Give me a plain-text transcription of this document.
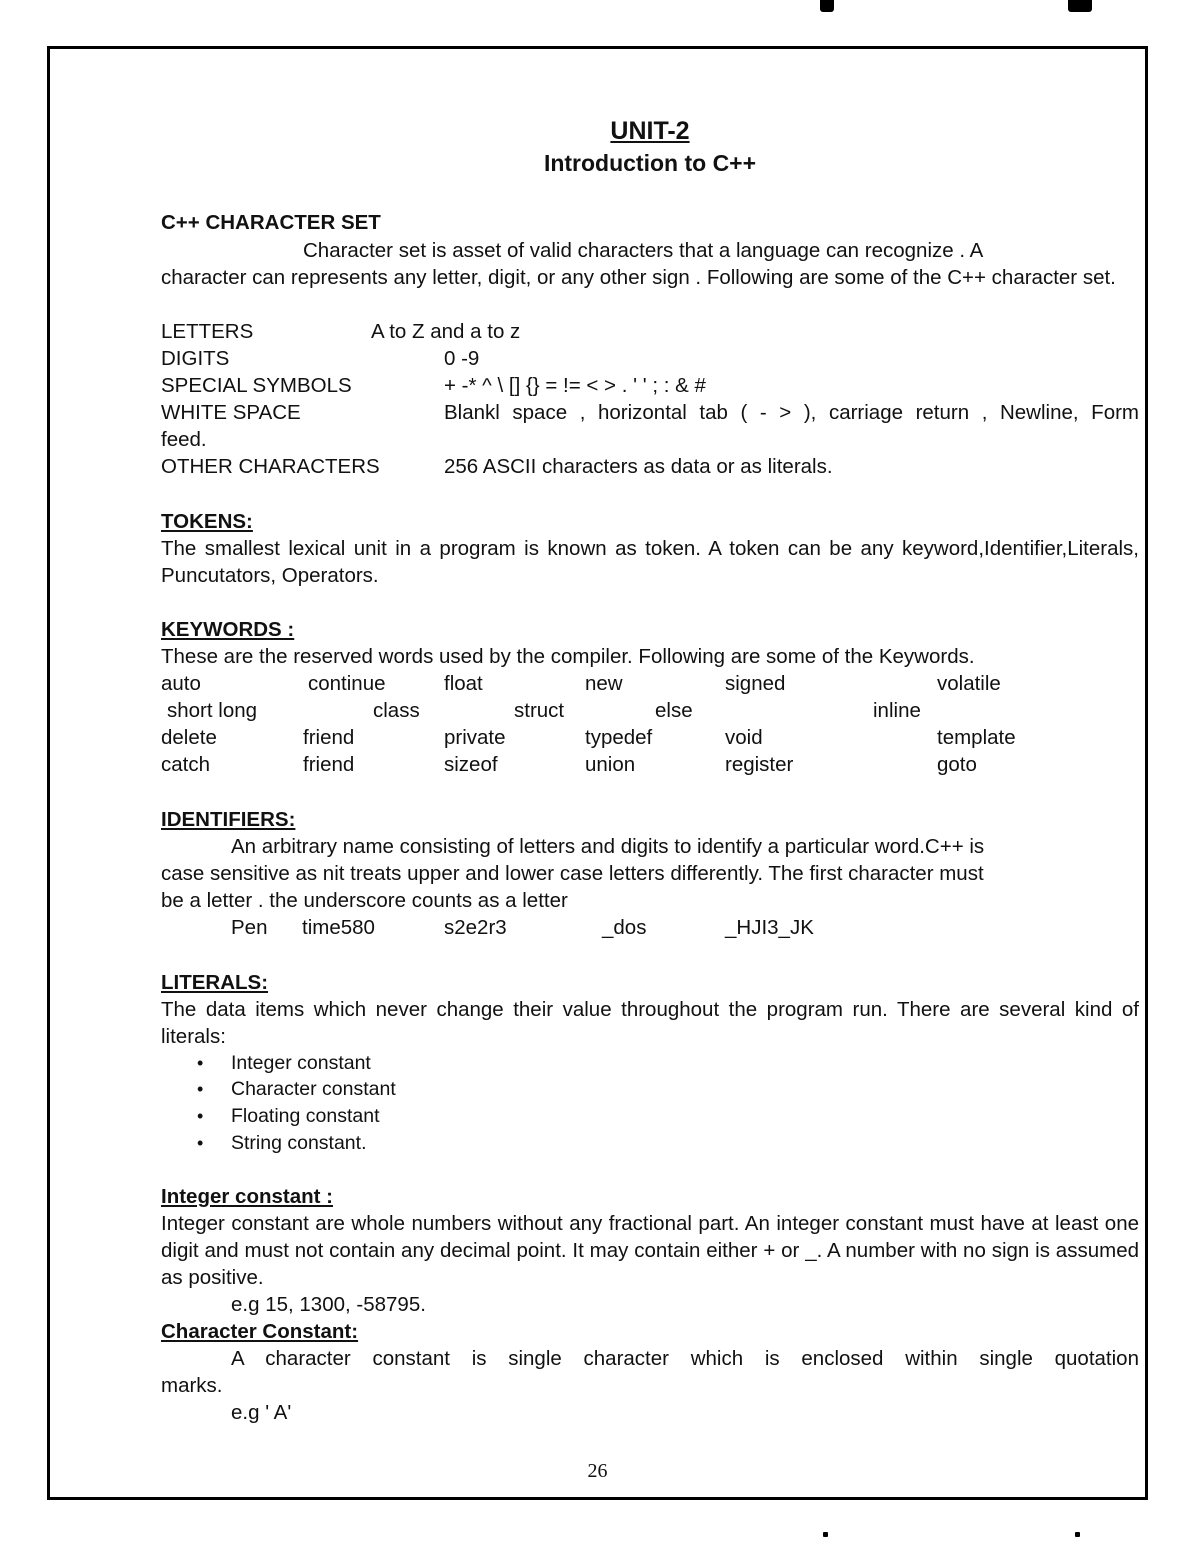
UNIT-2
Introduction to C++
C++ CHARACTER SET
Character set is asset of valid characters that a language can recognize . A
character can represents any letter, digit, or any other sign . Following are some of the C++ character set.
LETTERS	A to Z and a to z
DIGITS	0 -9
SPECIAL SYMBOLS	+ -* ^ \ [] {} = != < > . ' ' ; : & #
WHITE SPACE	Blankl space , horizontal tab ( - > ), carriage return , Newline, Form
feed.
OTHER CHARACTERS	256 ASCII characters as data or as literals.
TOKENS:
The smallest lexical unit in a program is known as token. A token can be any keyword,Identifier,Literals, Puncutators, Operators.
KEYWORDS :
These are the reserved words used by the compiler. Following are some of the Keywords.
auto	continue	float	new	signed	volatile
short long	class	struct	else	inline
delete	friend	private	typedef	void	template
catch	friend	sizeof	union	register	goto
IDENTIFIERS:
An arbitrary name consisting of letters and digits to identify a particular word.C++ is
case sensitive as nit treats upper and lower case letters differently. The first character must
be a letter . the underscore counts as a letter
Pen time580	s2e2r3	_dos	_HJI3_JK
LITERALS:
The data items which never change their value throughout the program run. There are several kind of literals:
• Integer constant
• Character constant
• Floating constant
• String constant.
Integer constant :
Integer constant are whole numbers without any fractional part. An integer constant must have at least one digit and must not contain any decimal point. It may contain either + or _. A number with no sign is assumed as positive.
e.g 15, 1300, -58795.
Character Constant:
A character constant is single character which is enclosed within single quotation
marks.
e.g ' A'
26
